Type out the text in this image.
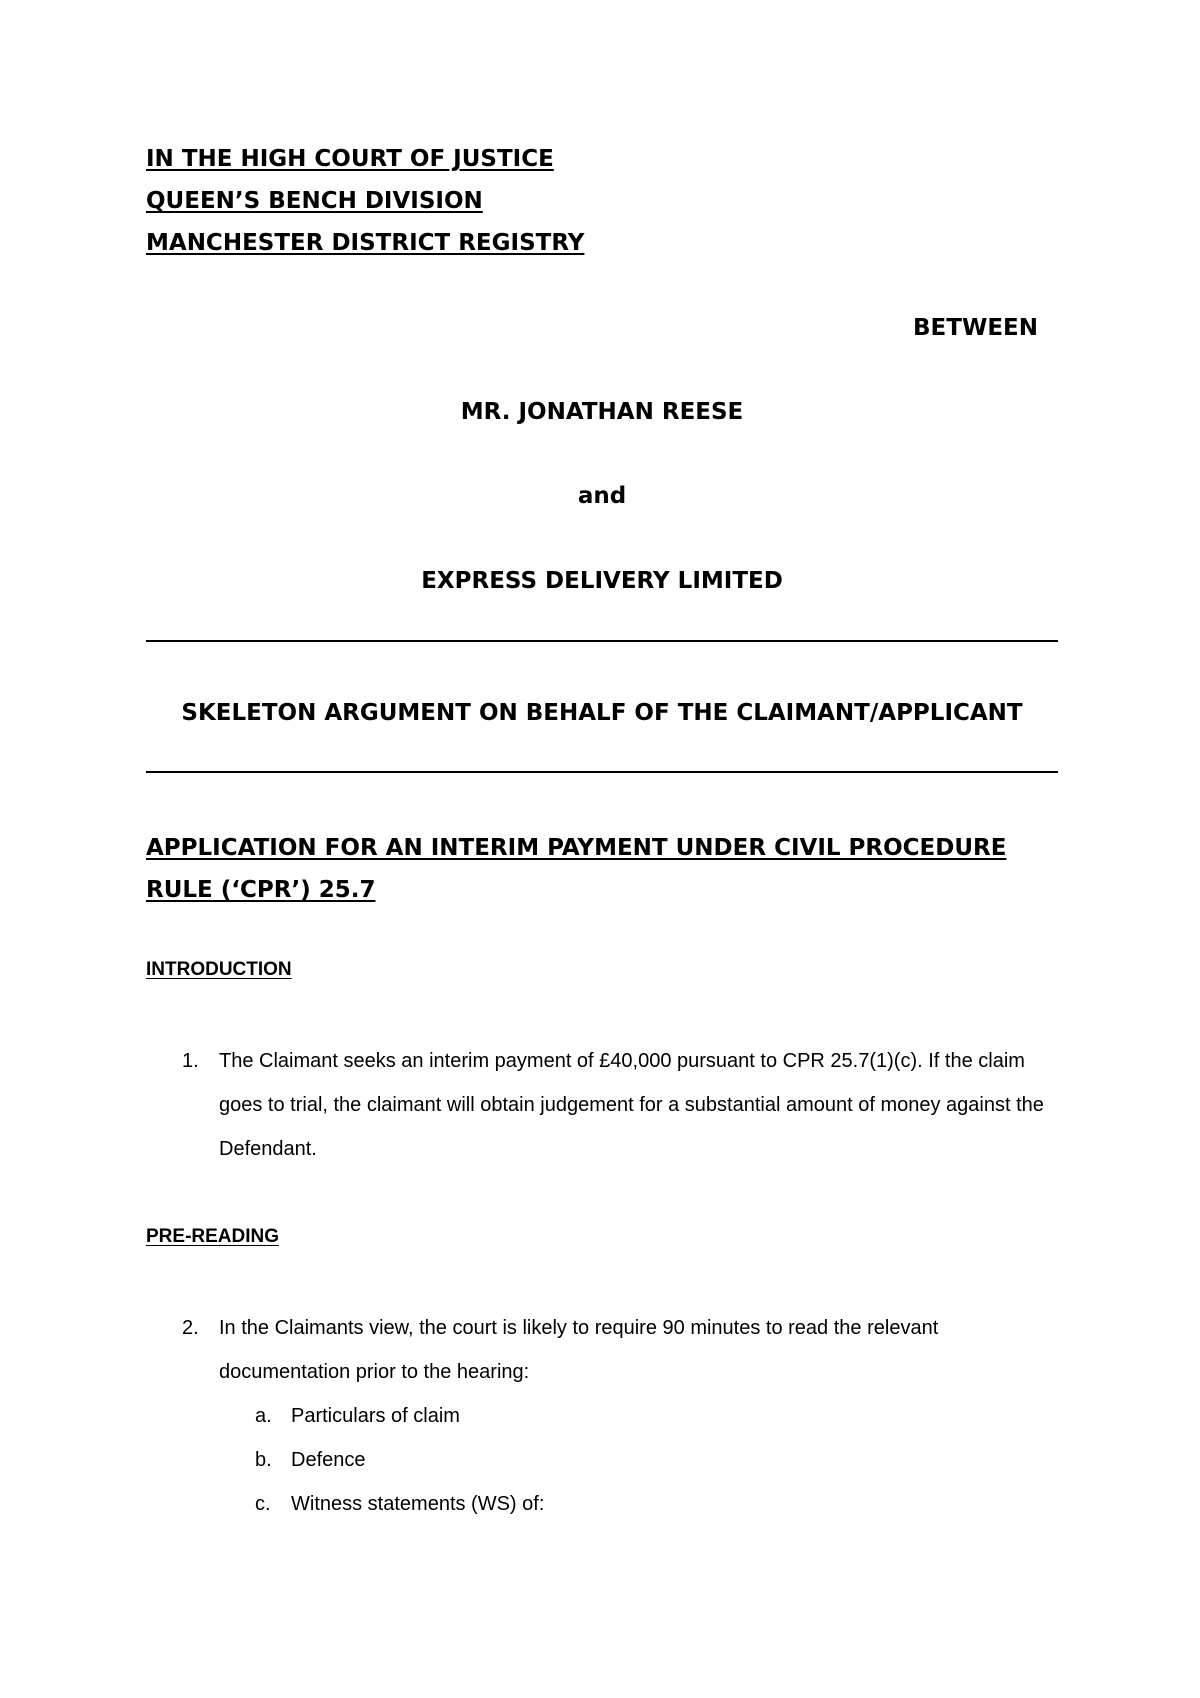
IN THE HIGH COURT OF JUSTICE

QUEEN’S BENCH DIVISION

MANCHESTER DISTRICT REGISTRY

BETWEEN

MR. JONATHAN REESE

and

EXPRESS DELIVERY LIMITED

SKELETON ARGUMENT ON BEHALF OF THE CLAIMANT/APPLICANT

APPLICATION FOR AN INTERIM PAYMENT UNDER CIVIL PROCEDURE RULE (‘CPR’) 25.7

INTRODUCTION

1. The Claimant seeks an interim payment of £40,000 pursuant to CPR 25.7(1)(c). If the claim goes to trial, the claimant will obtain judgement for a substantial amount of money against the Defendant.

PRE-READING

2. In the Claimants view, the court is likely to require 90 minutes to read the relevant documentation prior to the hearing:
a. Particulars of claim
b. Defence
c. Witness statements (WS) of:
